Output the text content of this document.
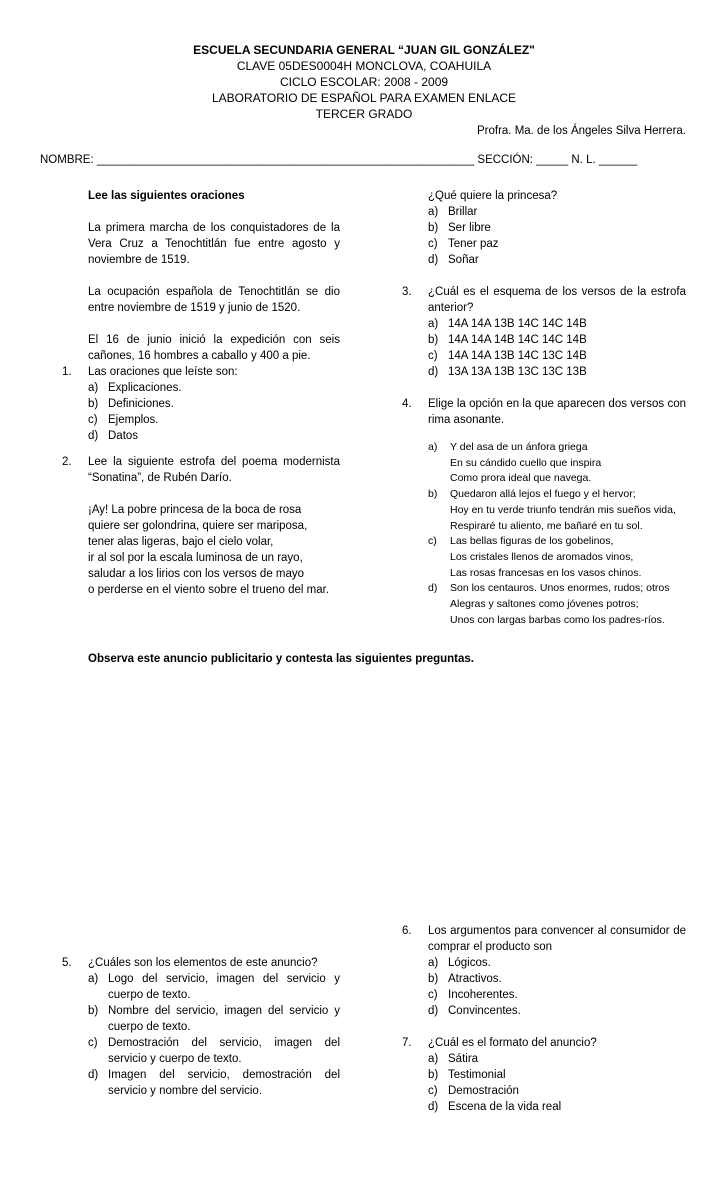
ESCUELA SECUNDARIA GENERAL “JUAN GIL GONZÁLEZ"
CLAVE 05DES0004H MONCLOVA, COAHUILA
CICLO ESCOLAR: 2008 - 2009
LABORATORIO DE ESPAÑOL PARA EXAMEN ENLACE
TERCER GRADO
Profra. Ma. de los Ángeles Silva Herrera.
NOMBRE: ___________________________________________________________ SECCIÓN: _____ N. L. ______

Lee las siguientes oraciones

La primera marcha de los conquistadores de la Vera Cruz a Tenochtitlán fue entre agosto y noviembre de 1519.

La ocupación española de Tenochtitlán se dio entre noviembre de 1519 y junio de 1520.

El 16 de junio inició la expedición con seis cañones, 16 hombres a caballo y 400 a pie.

1. Las oraciones que leíste son:

a) Explicaciones.
b) Definiciones.
c) Ejemplos.
d) Datos
2. Lee la siguiente estrofa del poema modernista “Sonatina”, de Rubén Darío.

¡Ay! La pobre princesa de la boca de rosa

quiere ser golondrina, quiere ser mariposa,

tener alas ligeras, bajo el cielo volar,

ir al sol por la escala luminosa de un rayo,

saludar a los lirios con los versos de mayo

o perderse en el viento sobre el trueno del mar.

¿Qué quiere la princesa?

a) Brillar
b) Ser libre
c) Tener paz
d) Soñar
3. ¿Cuál es el esquema de los versos de la estrofa anterior?

a) 14A 14A 13B 14C 14C 14B
b) 14A 14A 14B 14C 14C 14B
c) 14A 14A 13B 14C 13C 14B
d) 13A 13A 13B 13C 13C 13B
4. Elige la opción en la que aparecen dos versos con rima asonante.

a) Y del asa de un ánfora griega

En su cándido cuello que inspira

Como prora ideal que navega.

b) Quedaron allá lejos el fuego y el hervor;

Hoy en tu verde triunfo tendrán mis sueños vida,

Respiraré tu aliento, me bañaré en tu sol.

c) Las bellas figuras de los gobelinos,

Los cristales llenos de aromados vinos,

Las rosas francesas en los vasos chinos.

d) Son los centauros. Unos enormes, rudos; otros

Alegras y saltones como jóvenes potros;

Unos con largas barbas como los padres-ríos.

Observa este anuncio publicitario y contesta las siguientes preguntas.
5. ¿Cuáles son los elementos de este anuncio?

a) Logo del servicio, imagen del servicio y cuerpo de texto.
b) Nombre del servicio, imagen del servicio y cuerpo de texto.
c) Demostración del servicio, imagen del servicio y cuerpo de texto.
d) Imagen del servicio, demostración del servicio y nombre del servicio.
6. Los argumentos para convencer al consumidor de comprar el producto son

a) Lógicos.
b) Atractivos.
c) Incoherentes.
d) Convincentes.
7. ¿Cuál es el formato del anuncio?

a) Sátira
b) Testimonial
c) Demostración
d) Escena de la vida real
